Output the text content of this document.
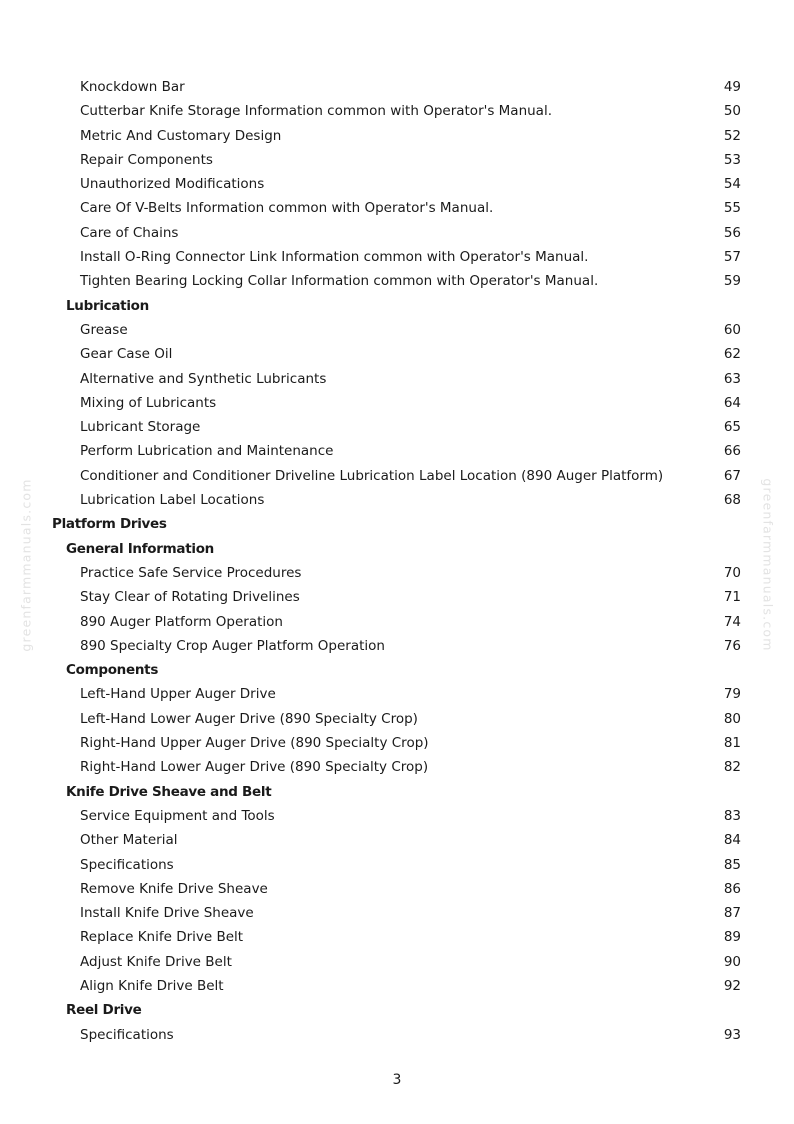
Knockdown Bar	49
Cutterbar Knife Storage Information common with Operator's Manual.	50
Metric And Customary Design	52
Repair Components	53
Unauthorized Modifications	54
Care Of V-Belts Information common with Operator's Manual.	55
Care of Chains	56
Install O-Ring Connector Link Information common with Operator's Manual.	57
Tighten Bearing Locking Collar Information common with Operator's Manual.	59
Lubrication
Grease	60
Gear Case Oil	62
Alternative and Synthetic Lubricants	63
Mixing of Lubricants	64
Lubricant Storage	65
Perform Lubrication and Maintenance	66
Conditioner and Conditioner Driveline Lubrication Label Location (890 Auger Platform)	67
Lubrication Label Locations	68
Platform Drives
General Information
Practice Safe Service Procedures	70
Stay Clear of Rotating Drivelines	71
890 Auger Platform Operation	74
890 Specialty Crop Auger Platform Operation	76
Components
Left-Hand Upper Auger Drive	79
Left-Hand Lower Auger Drive (890 Specialty Crop)	80
Right-Hand Upper Auger Drive (890 Specialty Crop)	81
Right-Hand Lower Auger Drive (890 Specialty Crop)	82
Knife Drive Sheave and Belt
Service Equipment and Tools	83
Other Material	84
Specifications	85
Remove Knife Drive Sheave	86
Install Knife Drive Sheave	87
Replace Knife Drive Belt	89
Adjust Knife Drive Belt	90
Align Knife Drive Belt	92
Reel Drive
Specifications	93
3
greenfarmmanuals.com	greenfarmmanuals.com
